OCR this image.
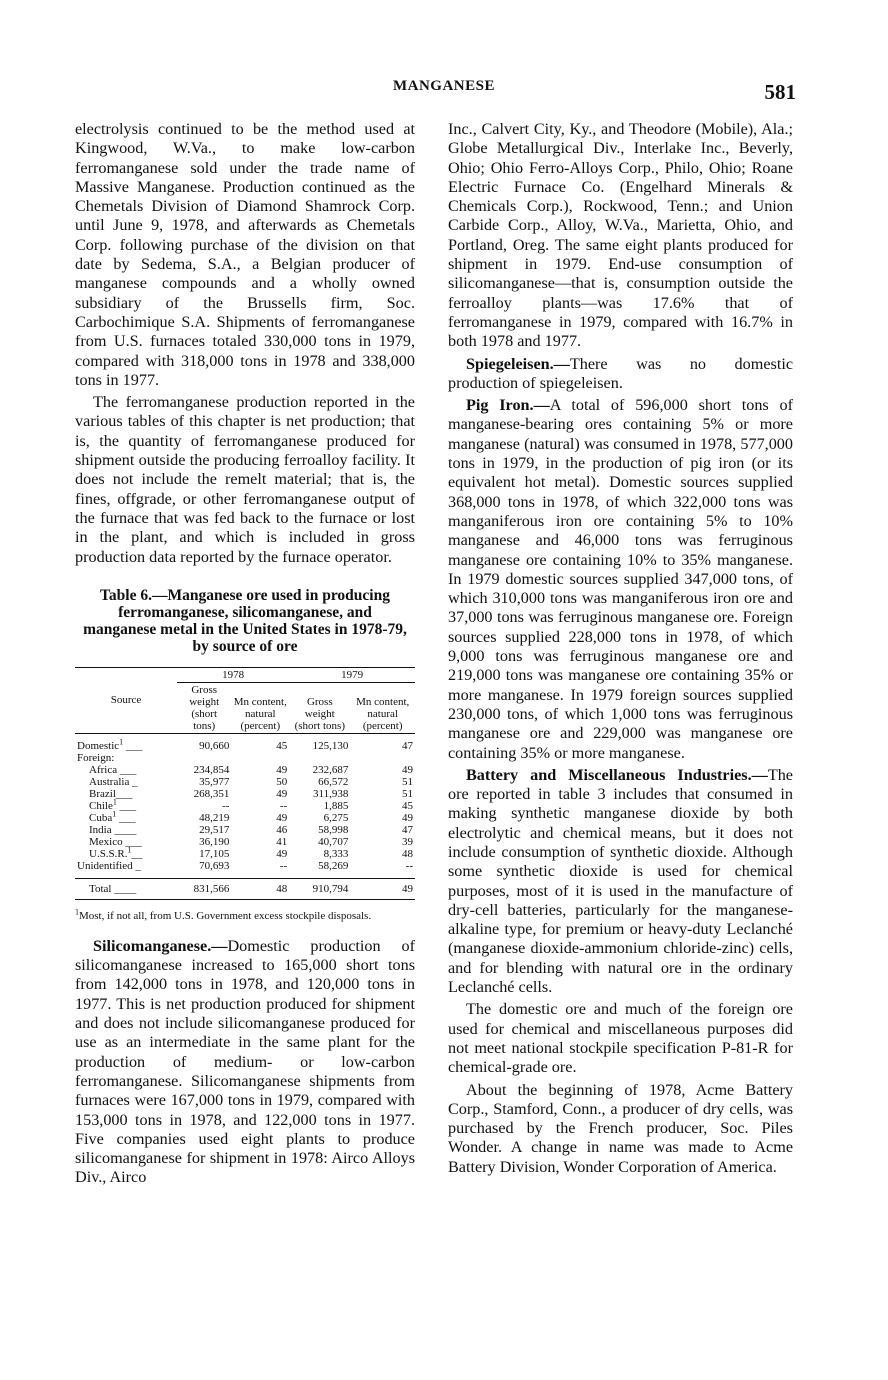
MANGANESE	581

electrolysis continued to be the method used at Kingwood, W.Va., to make low-carbon ferromanganese sold under the trade name of Massive Manganese. Production continued as the Chemetals Division of Diamond Shamrock Corp. until June 9, 1978, and afterwards as Chemetals Corp. following purchase of the division on that date by Sedema, S.A., a Belgian producer of manganese compounds and a wholly owned subsidiary of the Brussells firm, Soc. Carbochimique S.A. Shipments of ferromanganese from U.S. furnaces totaled 330,000 tons in 1979, compared with 318,000 tons in 1978 and 338,000 tons in 1977.

The ferromanganese production reported in the various tables of this chapter is net production; that is, the quantity of ferromanganese produced for shipment outside the producing ferroalloy facility. It does not include the remelt material; that is, the fines, offgrade, or other ferromanganese output of the furnace that was fed back to the furnace or lost in the plant, and which is included in gross production data reported by the furnace operator.

Table 6.—Manganese ore used in producing ferromanganese, silicomanganese, and manganese metal in the United States in 1978-79, by source of ore
Source	1978		1979	
	Gross weight (short tons)	Mn content, natural (percent)	Gross weight (short tons)	Mn content, natural (percent)

Domestic$^1$ ___	90,660	45	125,130	47
Foreign:				
Africa ___	234,854	49	232,687	49
Australia _	35,977	50	66,572	51
Brazil___	268,351	49	311,938	51
Chile$^1$ ___	--	--	1,885	45
Cuba$^1$ ___	48,219	49	6,275	49
India ____	29,517	46	58,998	47
Mexico ___	36,190	41	40,707	39
U.S.S.R.$^1$__	17,105	49	8,333	48
Unidentified _	70,693	--	58,269	--

Total ____	831,566	48	910,794	49
$^1$Most, if not all, from U.S. Government excess stockpile disposals.

Silicomanganese.—Domestic production of silicomanganese increased to 165,000 short tons from 142,000 tons in 1978, and 120,000 tons in 1977. This is net production produced for shipment and does not include silicomanganese produced for use as an intermediate in the same plant for the production of medium- or low-carbon ferromanganese. Silicomanganese shipments from furnaces were 167,000 tons in 1979, compared with 153,000 tons in 1978, and 122,000 tons in 1977. Five companies used eight plants to produce silicomanganese for shipment in 1978: Airco Alloys Div., Airco

Inc., Calvert City, Ky., and Theodore (Mobile), Ala.; Globe Metallurgical Div., Interlake Inc., Beverly, Ohio; Ohio Ferro-Alloys Corp., Philo, Ohio; Roane Electric Furnace Co. (Engelhard Minerals & Chemicals Corp.), Rockwood, Tenn.; and Union Carbide Corp., Alloy, W.Va., Marietta, Ohio, and Portland, Oreg. The same eight plants produced for shipment in 1979. End-use consumption of silicomanganese—that is, consumption outside the ferroalloy plants—was 17.6% that of ferromanganese in 1979, compared with 16.7% in both 1978 and 1977.

Spiegeleisen.—There was no domestic production of spiegeleisen.

Pig Iron.—A total of 596,000 short tons of manganese-bearing ores containing 5% or more manganese (natural) was consumed in 1978, 577,000 tons in 1979, in the production of pig iron (or its equivalent hot metal). Domestic sources supplied 368,000 tons in 1978, of which 322,000 tons was manganiferous iron ore containing 5% to 10% manganese and 46,000 tons was ferruginous manganese ore containing 10% to 35% manganese. In 1979 domestic sources supplied 347,000 tons, of which 310,000 tons was manganiferous iron ore and 37,000 tons was ferruginous manganese ore. Foreign sources supplied 228,000 tons in 1978, of which 9,000 tons was ferruginous manganese ore and 219,000 tons was manganese ore containing 35% or more manganese. In 1979 foreign sources supplied 230,000 tons, of which 1,000 tons was ferruginous manganese ore and 229,000 was manganese ore containing 35% or more manganese.

Battery and Miscellaneous Industries.—The ore reported in table 3 includes that consumed in making synthetic manganese dioxide by both electrolytic and chemical means, but it does not include consumption of synthetic dioxide. Although some synthetic dioxide is used for chemical purposes, most of it is used in the manufacture of dry-cell batteries, particularly for the manganese-alkaline type, for premium or heavy-duty Leclanché (manganese dioxide-ammonium chloride-zinc) cells, and for blending with natural ore in the ordinary Leclanché cells.

The domestic ore and much of the foreign ore used for chemical and miscellaneous purposes did not meet national stockpile specification P-81-R for chemical-grade ore.

About the beginning of 1978, Acme Battery Corp., Stamford, Conn., a producer of dry cells, was purchased by the French producer, Soc. Piles Wonder. A change in name was made to Acme Battery Division, Wonder Corporation of America.
